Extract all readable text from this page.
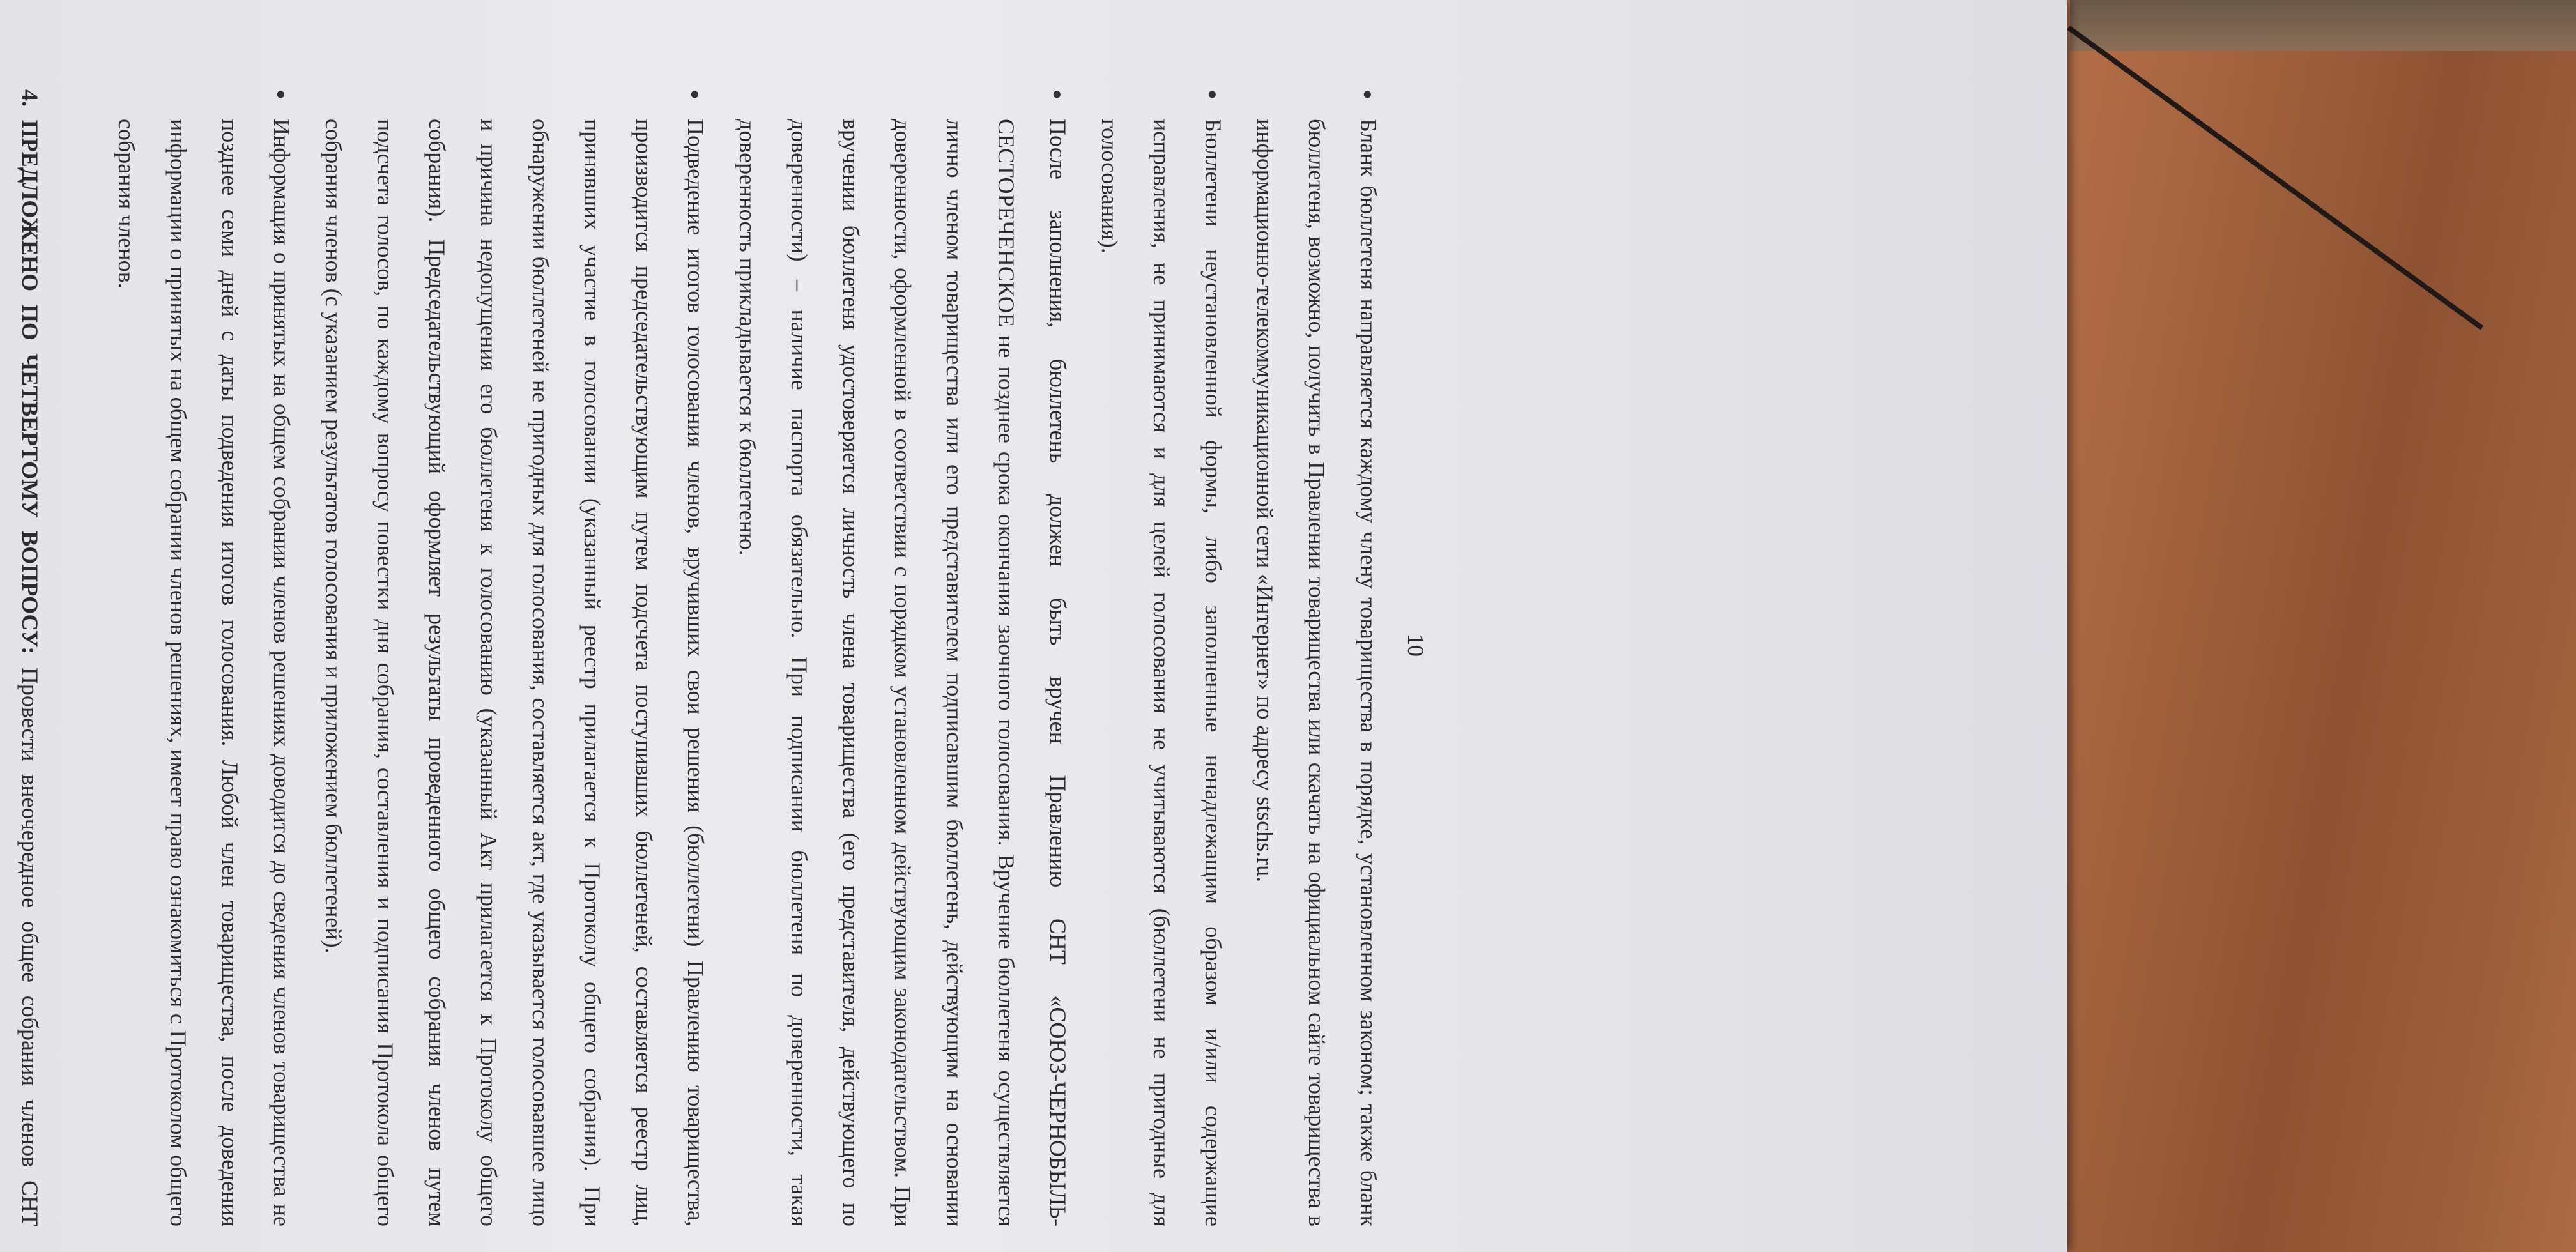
10
● Бланк бюллетеня направляется каждому члену товарищества в порядке, установленном законом; также бланк бюллетеня, возможно, получить в Правлении товарищества или скачать на официальном сайте товарищества в информационно-телекоммуникационной сети «Интернет» по адресу stschs.ru.
● Бюллетени неустановленной формы, либо заполненные ненадлежащим образом и/или содержащие исправления, не принимаются и для целей голосования не учитываются (бюллетени не пригодные для голосования).
● После заполнения, бюллетень должен быть вручен Правлению СНТ «СОЮЗ-ЧЕРНОБЫЛЬ-СЕСТОРЕЧЕНСКОЕ не позднее срока окончания заочного голосования. Вручение бюллетеня осуществляется лично членом товарищества или его представителем подписавшим бюллетень, действующим на основании доверенности, оформленной в соответствии с порядком установленном действующим законодательством. При вручении бюллетеня удостоверяется личность члена товарищества (его представителя, действующего по доверенности) – наличие паспорта обязательно. При подписании бюллетеня по доверенности, такая доверенность прикладывается к бюллетеню.
● Подведение итогов голосования членов, вручивших свои решения (бюллетени) Правлению товарищества, производится председательствующим путем подсчета поступивших бюллетеней, составляется реестр лиц, принявших участие в голосовании (указанный реестр прилагается к Протоколу общего собрания). При обнаружении бюллетеней не пригодных для голосования, составляется акт, где указывается голосовавшее лицо и причина недопущения его бюллетеня к голосованию (указанный Акт прилагается к Протоколу общего собрания). Председательствующий оформляет результаты проведенного общего собрания членов путем подсчета голосов, по каждому вопросу повестки дня собрания, составления и подписания Протокола общего собрания членов (с указанием результатов голосования и приложением бюллетеней).
● Информация о принятых на общем собрании членов решениях доводится до сведения членов товарищества не позднее семи дней с даты подведения итогов голосования. Любой член товарищества, после доведения информации о принятых на общем собрании членов решениях, имеет право ознакомиться с Протоколом общего собрания членов.

4. ПРЕДЛОЖЕНО ПО ЧЕТВЕРТОМУ ВОПРОСУ: Провести внеочередное общее собрания членов СНТ
